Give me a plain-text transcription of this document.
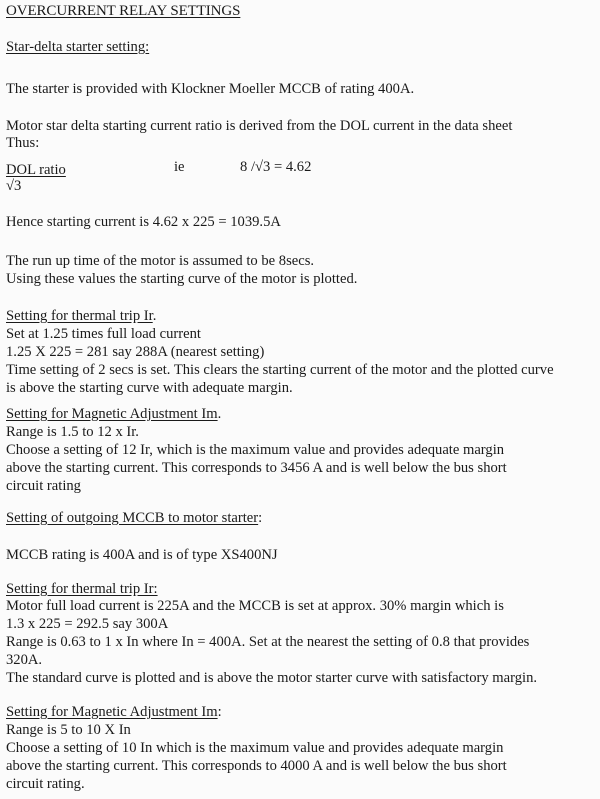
OVERCURRENT RELAY SETTINGS
Star-delta starter setting:
The starter is provided with Klockner Moeller MCCB of rating 400A.
Motor star delta starting current ratio is derived from the DOL current in the data sheet
Thus:
DOL ratio
√3
ie	8 /√3 = 4.62
Hence starting current is 4.62 x 225 = 1039.5A
The run up time of the motor is assumed to be 8secs.
Using these values the starting curve of the motor is plotted.
Setting for thermal trip Ir.
Set at 1.25 times full load current
1.25 X 225 = 281 say 288A (nearest setting)
Time setting of 2 secs is set. This clears the starting current of the motor and the plotted curve
is above the starting curve with adequate margin.
Setting for Magnetic Adjustment Im.
Range is 1.5 to 12 x Ir.
Choose a setting of 12 Ir, which is the maximum value and provides adequate margin
above the starting current. This corresponds to 3456 A and is well below the bus short
circuit rating
Setting of outgoing MCCB to motor starter:
MCCB rating is 400A and is of type XS400NJ
Setting for thermal trip Ir:
Motor full load current is 225A and the MCCB is set at approx. 30% margin which is
1.3 x 225 = 292.5 say 300A
Range is 0.63 to 1 x In where In = 400A. Set at the nearest the setting of 0.8 that provides
320A.
The standard curve is plotted and is above the motor starter curve with satisfactory margin.
Setting for Magnetic Adjustment Im:
Range is 5 to 10 X In
Choose a setting of 10 In which is the maximum value and provides adequate margin
above the starting current. This corresponds to 4000 A and is well below the bus short
circuit rating.
